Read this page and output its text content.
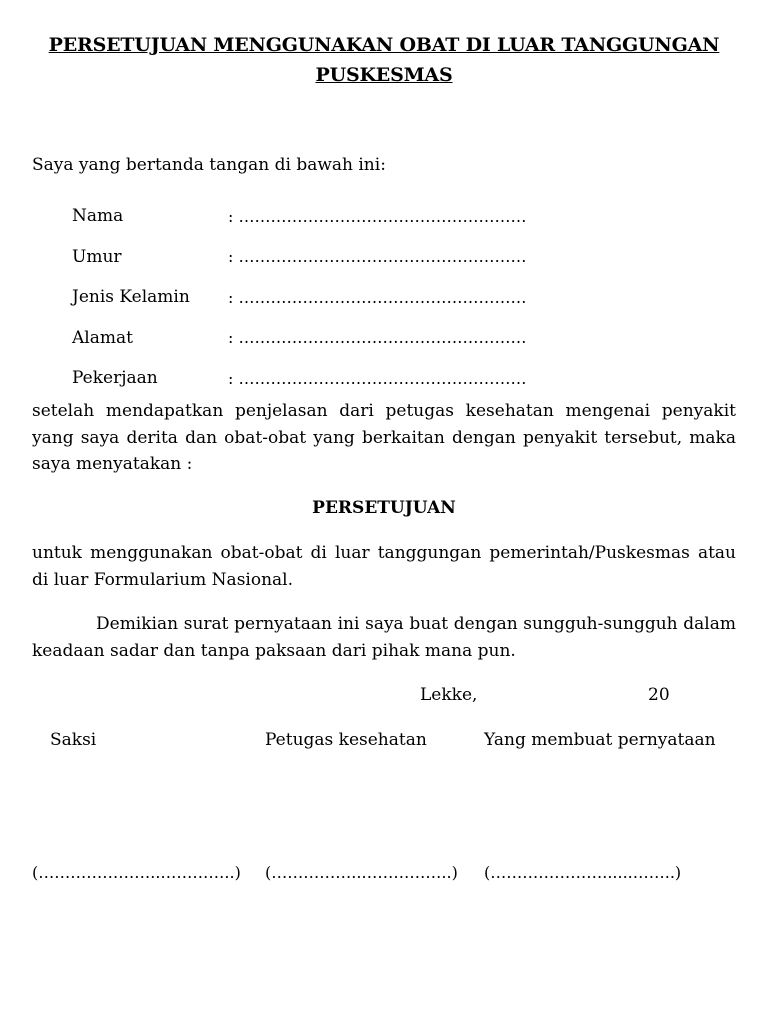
PERSETUJUAN MENGGUNAKAN OBAT DI LUAR TANGGUNGAN PUSKESMAS
Saya yang bertanda tangan di bawah ini:
Nama	: ………………………………………………
Umur	: ………………………………………………
Jenis Kelamin	: ………………………………………………
Alamat	: ………………………………………………
Pekerjaan	: ………………………………………………
setelah mendapatkan penjelasan dari petugas kesehatan mengenai penyakit yang saya derita dan obat-obat yang berkaitan dengan penyakit tersebut, maka saya menyatakan :
PERSETUJUAN
untuk menggunakan obat-obat di luar tanggungan pemerintah/Puskesmas atau di luar Formularium Nasional.
Demikian surat pernyataan ini saya buat dengan sungguh-sungguh dalam keadaan sadar dan tanpa paksaan dari pihak mana pun.
Lekke,	20
Saksi	Petugas kesehatan	Yang membuat pernyataan
(…………………..…………..) (……………..……………..) (…………………......……..)
